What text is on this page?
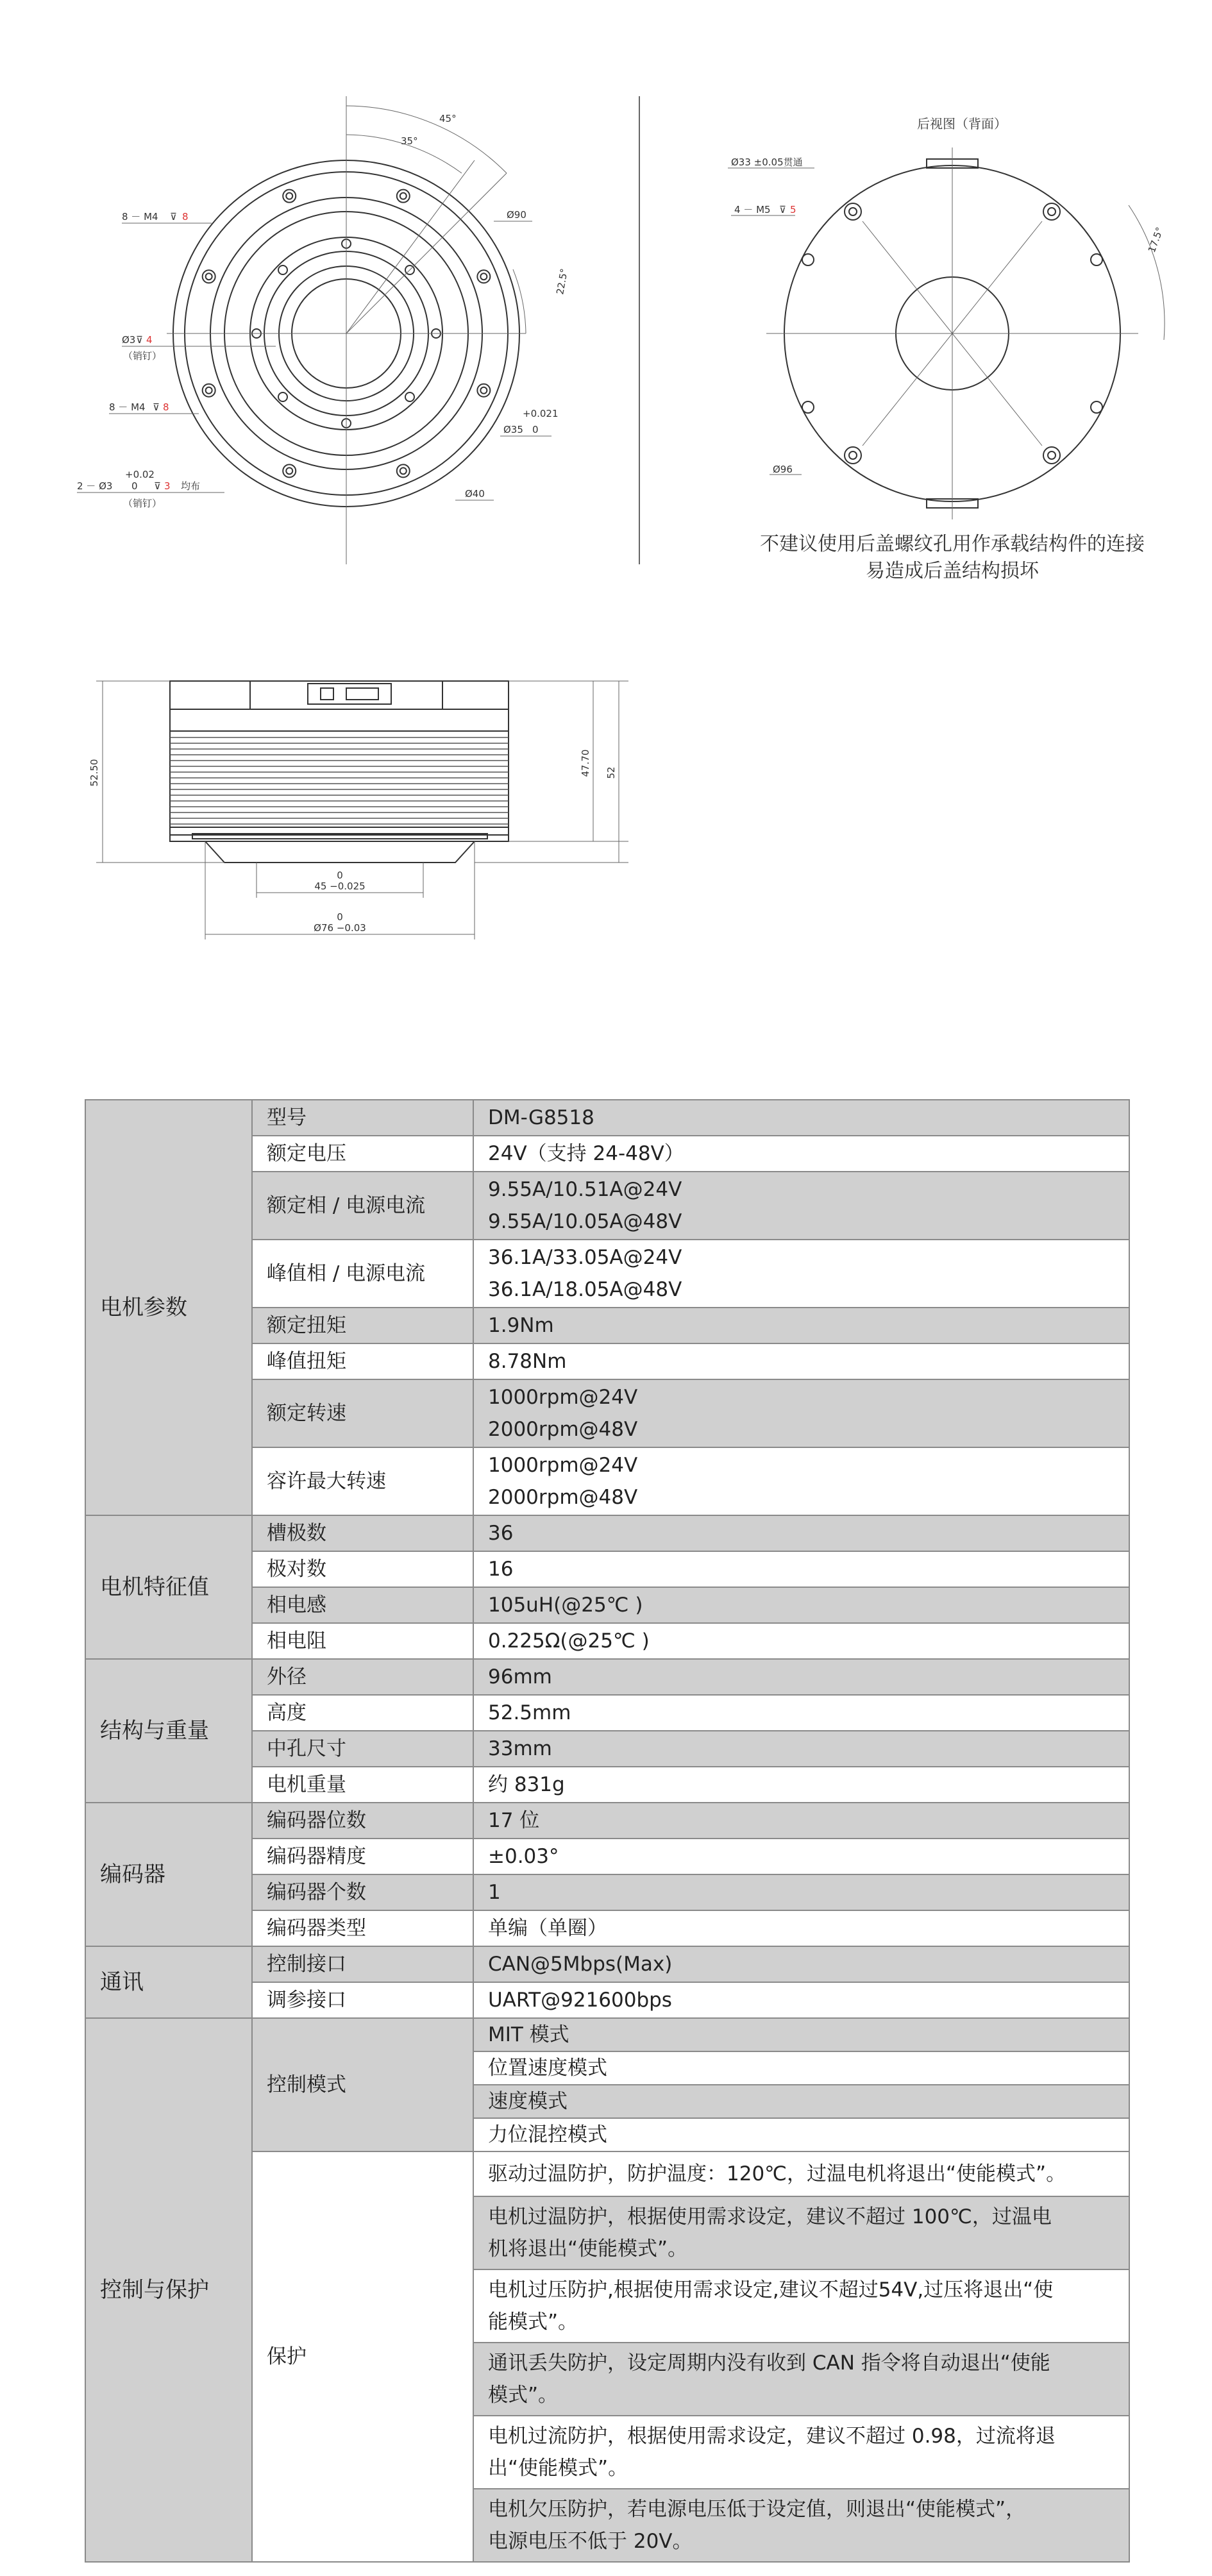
45°
35°
8 － M4 ⊽ 8	Ø90
22.5°
Ø3 ⊽ 4
（销钉）
8 － M4 ⊽ 8
+0.021
Ø35 0
+0.02
2 － Ø3 0 ⊽ 3 均布
（销钉）
Ø40
后视图（背面）
Ø33 ±0.05贯通
4 － M5 ⊽ 5
17.5°
Ø96
不建议使用后盖螺纹孔用作承载结构件的连接
易造成后盖结构损坏
52.50	47.70 52
0
45 −0.025
0
Ø76 −0.03
电机参数	型号	DM-G8518

	额定电压	24V（支持 24-48V）

	额定相 / 电源电流	9.55A/10.51A@24V
9.55A/10.05A@48V

	峰值相 / 电源电流	36.1A/33.05A@24V
36.1A/18.05A@48V

	额定扭矩	1.9Nm

	峰值扭矩	8.78Nm

	额定转速	1000rpm@24V
2000rpm@48V

	容许最大转速	1000rpm@24V
2000rpm@48V

电机特征值	槽极数	36

	极对数	16

	相电感	105uH(@25℃ )

	相电阻	0.225Ω(@25℃ )

结构与重量	外径	96mm

	高度	52.5mm

	中孔尺寸	33mm

	电机重量	约 831g

编码器	编码器位数	17 位

	编码器精度	±0.03°

	编码器个数	1

	编码器类型	单编（单圈）

通讯	控制接口	CAN@5Mbps(Max)

	调参接口	UART@921600bps

控制与保护	控制模式	MIT 模式

		位置速度模式

		速度模式

		力位混控模式

	保护	驱动过温防护，防护温度：120℃，过温电机将退出“使能模式”。

		电机过温防护，根据使用需求设定，建议不超过 100℃，过温电
机将退出“使能模式”。

		电机过压防护,根据使用需求设定,建议不超过54V,过压将退出“使
能模式”。

		通讯丢失防护，设定周期内没有收到 CAN 指令将自动退出“使能
模式”。

		电机过流防护，根据使用需求设定，建议不超过 0.98，过流将退
出“使能模式”。

		电机欠压防护，若电源电压低于设定值，则退出“使能模式”，
电源电压不低于 20V。
